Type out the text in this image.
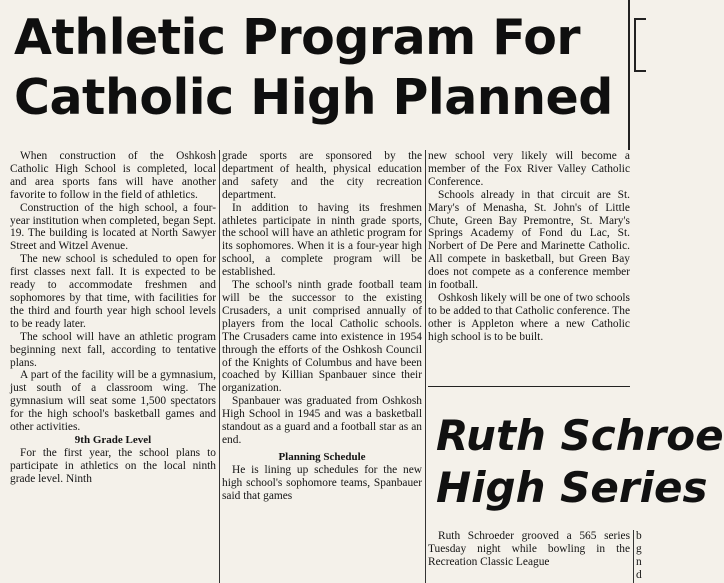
Athletic Program For
Catholic High Planned

When construction of the Oshkosh Catholic High School is completed, local and area sports fans will have another favorite to follow in the field of athletics.

Construction of the high school, a four-year institution when completed, began Sept. 19. The building is located at North Sawyer Street and Witzel Avenue.

The new school is scheduled to open for first classes next fall. It is expected to be ready to accommodate freshmen and sophomores by that time, with facilities for the third and fourth year high school levels to be ready later.

The school will have an athletic program beginning next fall, according to tentative plans.

A part of the facility will be a gymnasium, just south of a classroom wing. The gymnasium will seat some 1,500 spectators for the high school's basketball games and other activities.

9th Grade Level

For the first year, the school plans to participate in athletics on the local ninth grade level. Ninth

grade sports are sponsored by the department of health, physical education and safety and the city recreation department.

In addition to having its freshmen athletes participate in ninth grade sports, the school will have an athletic program for its sophomores. When it is a four-year high school, a complete program will be established.

The school's ninth grade football team will be the successor to the existing Crusaders, a unit comprised annually of players from the local Catholic schools. The Crusaders came into existence in 1954 through the efforts of the Oshkosh Council of the Knights of Columbus and have been coached by Killian Spanbauer since their organization.

Spanbauer was graduated from Oshkosh High School in 1945 and was a basketball standout as a guard and a football star as an end.

Planning Schedule

He is lining up schedules for the new high school's sophomore teams, Spanbauer said that games

new school very likely will become a member of the Fox River Valley Catholic Conference.

Schools already in that circuit are St. Mary's of Menasha, St. John's of Little Chute, Green Bay Premontre, St. Mary's Springs Academy of Fond du Lac, St. Norbert of De Pere and Marinette Catholic. All compete in basketball, but Green Bay does not compete as a conference member in football.

Oshkosh likely will be one of two schools to be added to that Catholic conference. The other is Appleton where a new Catholic high school is to be built.

Ruth Schroe
High Series

Ruth Schroeder grooved a 565 series Tuesday night while bowling in the Recreation Classic League

b
g
n
d
